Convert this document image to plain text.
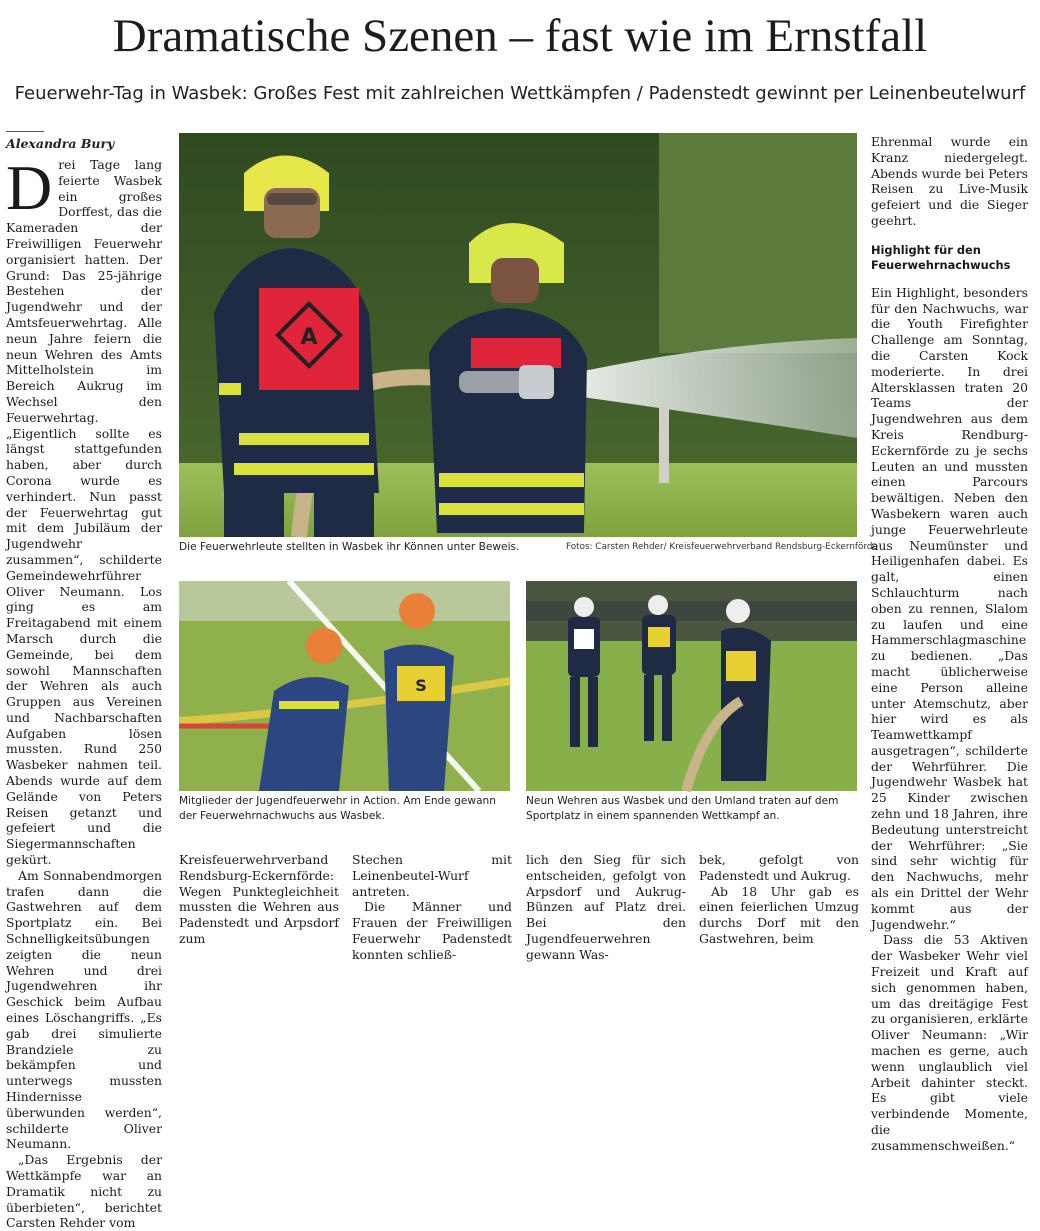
Dramatische Szenen – fast wie im Ernstfall
Feuerwehr-Tag in Wasbek: Großes Fest mit zahlreichen Wettkämpfen / Padenstedt gewinnt per Leinenbeutelwurf
Alexandra Bury

Drei Tage lang feierte Wasbek ein großes Dorffest, das die Kameraden der Freiwilligen Feuerwehr organisiert hatten. Der Grund: Das 25-jährige Bestehen der Jugendwehr und der Amtsfeuerwehrtag. Alle neun Jahre feiern die neun Wehren des Amts Mittelholstein im Bereich Aukrug im Wechsel den Feuerwehrtag. „Eigentlich sollte es längst stattgefunden haben, aber durch Corona wurde es verhindert. Nun passt der Feuerwehrtag gut mit dem Jubiläum der Jugendwehr zusammen“, schilderte Gemeindewehrführer Oliver Neumann. Los ging es am Freitagabend mit einem Marsch durch die Gemeinde, bei dem sowohl Mannschaften der Wehren als auch Gruppen aus Vereinen und Nachbarschaften Aufgaben lösen mussten. Rund 250 Wasbeker nahmen teil. Abends wurde auf dem Gelände von Peters Reisen getanzt und gefeiert und die Siegermannschaften gekürt.

Am Sonnabendmorgen trafen dann die Gastwehren auf dem Sportplatz ein. Bei Schnelligkeitsübungen zeigten die neun Wehren und drei Jugendwehren ihr Geschick beim Aufbau eines Löschangriffs. „Es gab drei simulierte Brandziele zu bekämpfen und unterwegs mussten Hindernisse überwunden werden“, schilderte Oliver Neumann.

„Das Ergebnis der Wettkämpfe war an Dramatik nicht zu überbieten“, berichtet Carsten Rehder vom

A
Die Feuerwehrleute stellten in Wasbek ihr Können unter Beweis.	Fotos: Carsten Rehder/ Kreisfeuerwehrverband Rendsburg-Eckernförde
S
Mitglieder der Jugendfeuerwehr in Action. Am Ende gewann der Feuerwehrnachwuchs aus Wasbek.
Neun Wehren aus Wasbek und den Umland traten auf dem Sportplatz in einem spannenden Wettkampf an.

Kreisfeuerwehrverband Rendsburg-Eckernförde: Wegen Punktegleichheit mussten die Wehren aus Padenstedt und Arpsdorf zum

Stechen mit Leinenbeutel-Wurf antreten.

Die Männer und Frauen der Freiwilligen Feuerwehr Padenstedt konnten schließ-

lich den Sieg für sich entscheiden, gefolgt von Arpsdorf und Aukrug-Bünzen auf Platz drei. Bei den Jugendfeuerwehren gewann Was-

bek, gefolgt von Padenstedt und Aukrug.

Ab 18 Uhr gab es einen feierlichen Umzug durchs Dorf mit den Gastwehren, beim

Ehrenmal wurde ein Kranz niedergelegt. Abends wurde bei Peters Reisen zu Live-Musik gefeiert und die Sieger geehrt.

Highlight für den Feuerwehrnachwuchs

Ein Highlight, besonders für den Nachwuchs, war die Youth Firefighter Challenge am Sonntag, die Carsten Kock moderierte. In drei Altersklassen traten 20 Teams der Jugendwehren aus dem Kreis Rendburg-Eckernförde zu je sechs Leuten an und mussten einen Parcours bewältigen. Neben den Wasbekern waren auch junge Feuerwehrleute aus Neumünster und Heiligenhafen dabei. Es galt, einen Schlauchturm nach oben zu rennen, Slalom zu laufen und eine Hammerschlagmaschine zu bedienen. „Das macht üblicherweise eine Person alleine unter Atemschutz, aber hier wird es als Teamwettkampf ausgetragen“, schilderte der Wehrführer. Die Jugendwehr Wasbek hat 25 Kinder zwischen zehn und 18 Jahren, ihre Bedeutung unterstreicht der Wehrführer: „Sie sind sehr wichtig für den Nachwuchs, mehr als ein Drittel der Wehr kommt aus der Jugendwehr.“

Dass die 53 Aktiven der Wasbeker Wehr viel Freizeit und Kraft auf sich genommen haben, um das dreitägige Fest zu organisieren, erklärte Oliver Neumann: „Wir machen es gerne, auch wenn unglaublich viel Arbeit dahinter steckt. Es gibt viele verbindende Momente, die zusammenschweißen.“
